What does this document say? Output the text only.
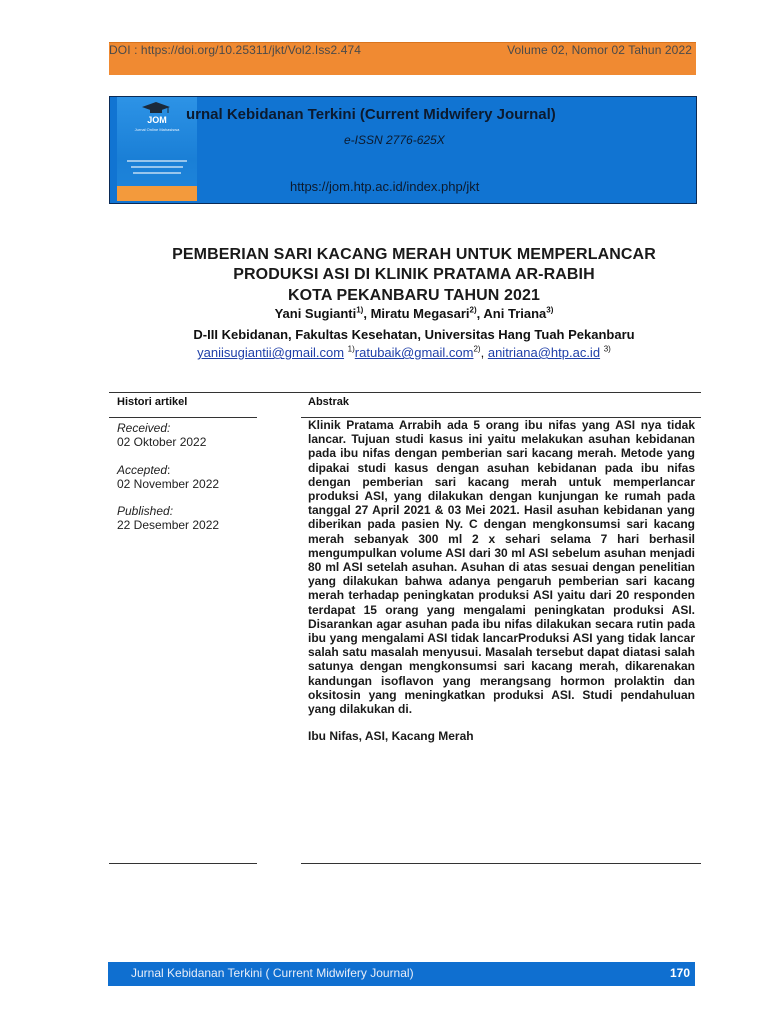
DOI : https://doi.org/10.25311/jkt/Vol2.Iss2.474	Volume 02, Nomor 02 Tahun 2022
JOM
Jurnal Online Mahasiswa
urnal Kebidanan Terkini (Current Midwifery Journal)
e-ISSN 2776-625X
https://jom.htp.ac.id/index.php/jkt
PEMBERIAN SARI KACANG MERAH UNTUK MEMPERLANCAR
PRODUKSI ASI DI KLINIK PRATAMA AR-RABIH
KOTA PEKANBARU TAHUN 2021
Yani Sugianti$^{1)}$, Miratu Megasari$^{2)}$, Ani Triana$^{3)}$
D-III Kebidanan, Fakultas Kesehatan, Universitas Hang Tuah Pekanbaru
yaniisugiantii@gmail.com $^{1)}$ratubaik@gmail.com$^{2)}$, anitriana@htp.ac.id $^{3)}$
Histori artikel	Abstrak
Received:
02 Oktober 2022
Accepted:
02 November 2022
Published:
22 Desember 2022
Klinik Pratama Arrabih ada 5 orang ibu nifas yang ASI nya tidak lancar. Tujuan studi kasus ini yaitu melakukan asuhan kebidanan pada ibu nifas dengan pemberian sari kacang merah. Metode yang dipakai studi kasus dengan asuhan kebidanan pada ibu nifas dengan pemberian sari kacang merah untuk memperlancar produksi ASI, yang dilakukan dengan kunjungan ke rumah pada tanggal 27 April 2021 & 03 Mei 2021. Hasil asuhan kebidanan yang diberikan pada pasien Ny. C dengan mengkonsumsi sari kacang merah sebanyak 300 ml 2 x sehari selama 7 hari berhasil mengumpulkan volume ASI dari 30 ml ASI sebelum asuhan menjadi 80 ml ASI setelah asuhan. Asuhan di atas sesuai dengan penelitian yang dilakukan bahwa adanya pengaruh pemberian sari kacang merah terhadap peningkatan produksi ASI yaitu dari 20 responden terdapat 15 orang yang mengalami peningkatan produksi ASI. Disarankan agar asuhan pada ibu nifas dilakukan secara rutin pada ibu yang mengalami ASI tidak lancarProduksi ASI yang tidak lancar salah satu masalah menyusui. Masalah tersebut dapat diatasi salah satunya dengan mengkonsumsi sari kacang merah, dikarenakan kandungan isoflavon yang merangsang hormon prolaktin dan oksitosin yang meningkatkan produksi ASI. Studi pendahuluan yang dilakukan di.
Ibu Nifas, ASI, Kacang Merah
Jurnal Kebidanan Terkini ( Current Midwifery Journal)	170
